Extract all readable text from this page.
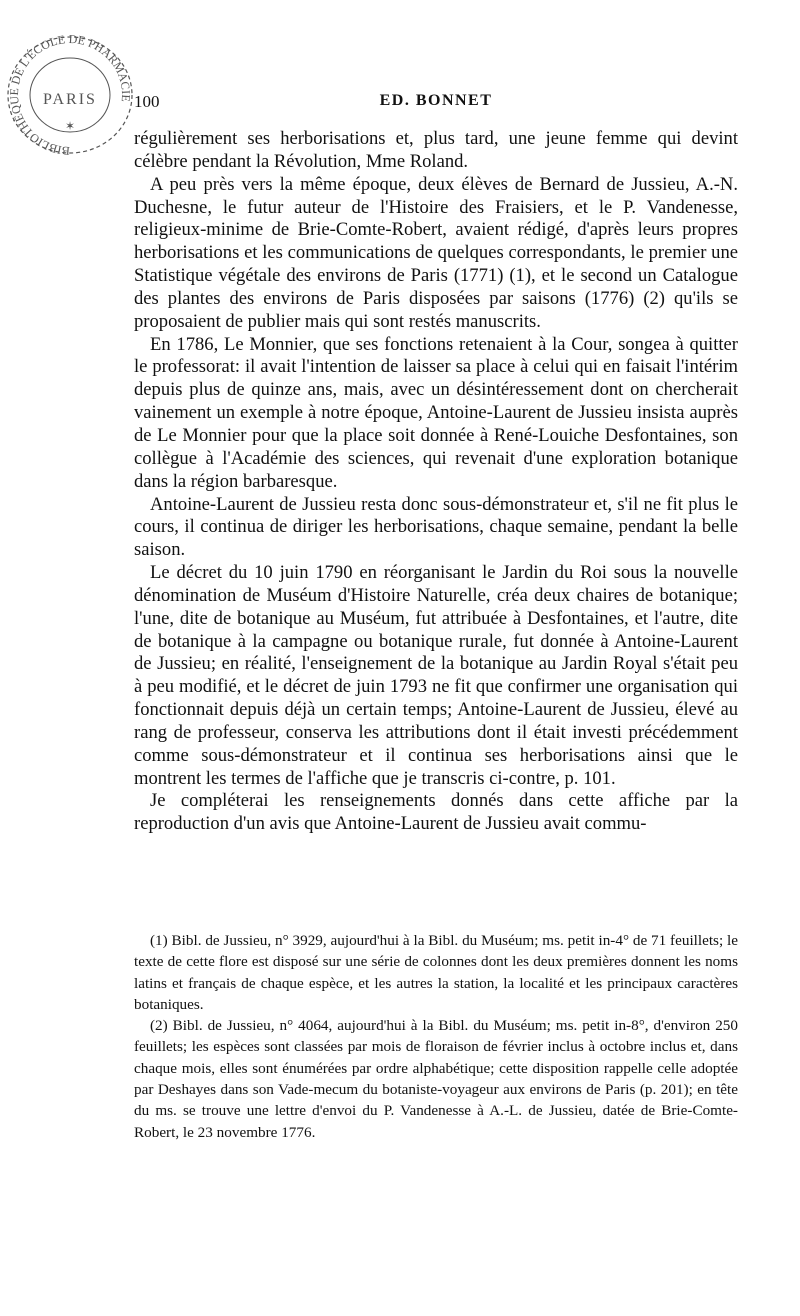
BIBLIOTHÈQUE DE L'ÉCOLE DE PHARMACIE
PARIS
✶
100	ED. BONNET

régulièrement ses herborisations et, plus tard, une jeune femme qui devint célèbre pendant la Révolution, Mme Roland.

A peu près vers la même époque, deux élèves de Bernard de Jussieu, A.-N. Duchesne, le futur auteur de l'Histoire des Fraisiers, et le P. Vandenesse, religieux-minime de Brie-Comte-Robert, avaient rédigé, d'après leurs propres herborisations et les communications de quelques correspondants, le premier une Statistique végétale des environs de Paris (1771) (1), et le second un Catalogue des plantes des environs de Paris disposées par saisons (1776) (2) qu'ils se proposaient de publier mais qui sont restés manuscrits.

En 1786, Le Monnier, que ses fonctions retenaient à la Cour, songea à quitter le professorat: il avait l'intention de laisser sa place à celui qui en faisait l'intérim depuis plus de quinze ans, mais, avec un désintéressement dont on chercherait vainement un exemple à notre époque, Antoine-Laurent de Jussieu insista auprès de Le Monnier pour que la place soit donnée à René-Louiche Desfontaines, son collègue à l'Académie des sciences, qui revenait d'une exploration botanique dans la région barbaresque.

Antoine-Laurent de Jussieu resta donc sous-démonstrateur et, s'il ne fit plus le cours, il continua de diriger les herborisations, chaque semaine, pendant la belle saison.

Le décret du 10 juin 1790 en réorganisant le Jardin du Roi sous la nouvelle dénomination de Muséum d'Histoire Naturelle, créa deux chaires de botanique; l'une, dite de botanique au Muséum, fut attribuée à Desfontaines, et l'autre, dite de botanique à la campagne ou botanique rurale, fut donnée à Antoine-Laurent de Jussieu; en réalité, l'enseignement de la botanique au Jardin Royal s'était peu à peu modifié, et le décret de juin 1793 ne fit que confirmer une organisation qui fonctionnait depuis déjà un certain temps; Antoine-Laurent de Jussieu, élevé au rang de professeur, conserva les attributions dont il était investi précédemment comme sous-démonstrateur et il continua ses herborisations ainsi que le montrent les termes de l'affiche que je transcris ci-contre, p. 101.

Je compléterai les renseignements donnés dans cette affiche par la reproduction d'un avis que Antoine-Laurent de Jussieu avait commu-

(1) Bibl. de Jussieu, n° 3929, aujourd'hui à la Bibl. du Muséum; ms. petit in-4° de 71 feuillets; le texte de cette flore est disposé sur une série de colonnes dont les deux premières donnent les noms latins et français de chaque espèce, et les autres la station, la localité et les principaux caractères botaniques.

(2) Bibl. de Jussieu, n° 4064, aujourd'hui à la Bibl. du Muséum; ms. petit in-8°, d'environ 250 feuillets; les espèces sont classées par mois de floraison de février inclus à octobre inclus et, dans chaque mois, elles sont énumérées par ordre alphabétique; cette disposition rappelle celle adoptée par Deshayes dans son Vade-mecum du botaniste-voyageur aux environs de Paris (p. 201); en tête du ms. se trouve une lettre d'envoi du P. Vandenesse à A.-L. de Jussieu, datée de Brie-Comte-Robert, le 23 novembre 1776.
